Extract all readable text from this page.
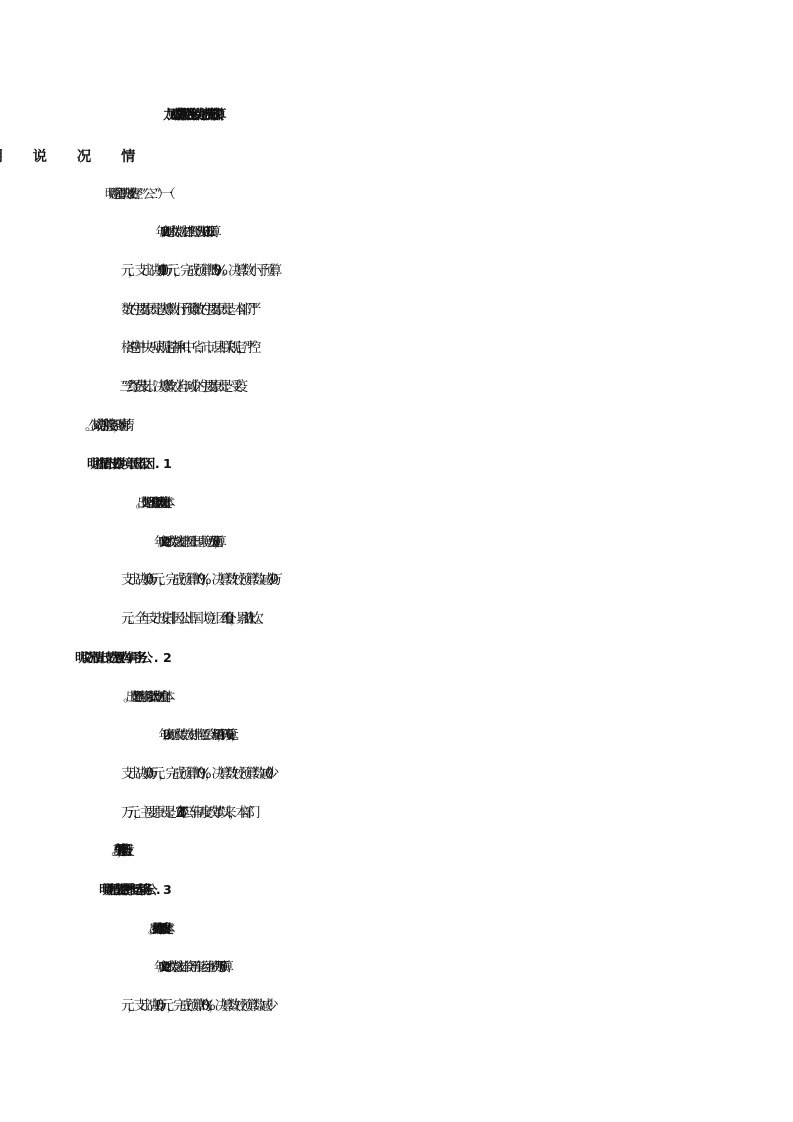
九、财政拨款“三公”经费及会议费、培训费支出决算
2022 年度财政拨款安排“三公”经费支出预算 2.00 万
元，支出决算 1.00 万元，完成预算的 50%。决算数小于预算
数的主要原因是决算数小于预算数的主要原因是：本部门严
格遵守中央八项规定精神和中、省、市、县相关规定，严控
“三公”经费支出。决算数较上年减少的主要原因是：受疫
2022 年度财政拨款安排因公出国（境）费预算 0 万元，
支出决算 0 万元，完成预算的 0%，决算数较预算数减少 0 万
元。全年支出安排因公出国（境）团组 0 个，累计 0 人次。
2022 年度财政拨款安排购置公务用车 0 辆，预算 0 万元，
支出决算 0 万元，完成预算的 0%，决算数较预算数减少   0
万元，主要原因是：2015 年“公车制度改革”以来，本部门
2022 年度财政拨款安排公务用车运行维护费用预算 0 万
元，支出决算 0 万元，完成预算的 0%，决算数较预算数减少
